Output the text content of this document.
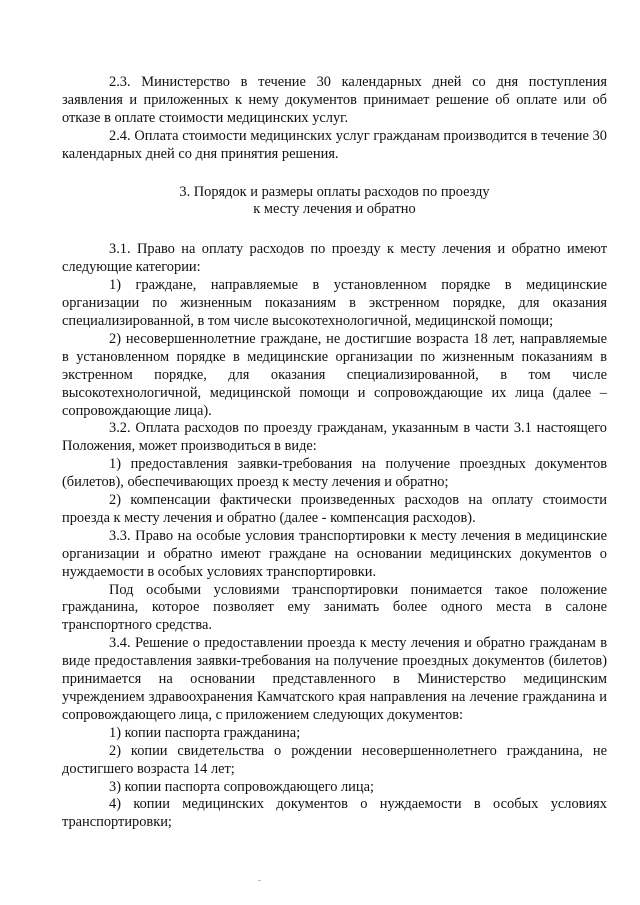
2.3. Министерство в течение 30 календарных дней со дня поступления заявления и приложенных к нему документов принимает решение об оплате или об отказе в оплате стоимости медицинских услуг.

2.4. Оплата стоимости медицинских услуг гражданам производится в течение 30 календарных дней со дня принятия решения.

3. Порядок и размеры оплаты расходов по проезду
к месту лечения и обратно

3.1. Право на оплату расходов по проезду к месту лечения и обратно имеют следующие категории:

1) граждане, направляемые в установленном порядке в медицинские организации по жизненным показаниям в экстренном порядке, для оказания специализированной, в том числе высокотехнологичной, медицинской помощи;

2) несовершеннолетние граждане, не достигшие возраста 18 лет, направляемые в установленном порядке в медицинские организации по жизненным показаниям в экстренном порядке, для оказания специализированной, в том числе высокотехнологичной, медицинской помощи и сопровождающие их лица (далее – сопровождающие лица).

3.2. Оплата расходов по проезду гражданам, указанным в части 3.1 настоящего Положения, может производиться в виде:

1) предоставления заявки-требования на получение проездных документов (билетов), обеспечивающих проезд к месту лечения и обратно;

2) компенсации фактически произведенных расходов на оплату стоимости проезда к месту лечения и обратно (далее - компенсация расходов).

3.3. Право на особые условия транспортировки к месту лечения в медицинские организации и обратно имеют граждане на основании медицинских документов о нуждаемости в особых условиях транспортировки.

Под особыми условиями транспортировки понимается такое положение гражданина, которое позволяет ему занимать более одного места в салоне транспортного средства.

3.4. Решение о предоставлении проезда к месту лечения и обратно гражданам в виде предоставления заявки-требования на получение проездных документов (билетов) принимается на основании представленного в Министерство медицинским учреждением здравоохранения Камчатского края направления на лечение гражданина и сопровождающего лица, с приложением следующих документов:

1) копии паспорта гражданина;

2) копии свидетельства о рождении несовершеннолетнего гражданина, не достигшего возраста 14 лет;

3) копии паспорта сопровождающего лица;

4) копии медицинских документов о нуждаемости в особых условиях транспортировки;
